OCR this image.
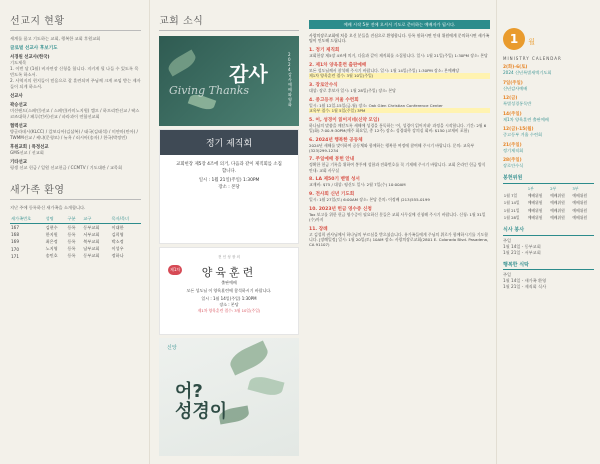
선교지 현황
세계를 품고 기도하는 교회, 행복한 교회 후원교회
글로벌 선교사 후보기도
서경원 선교사(한국)
기도제목
1. 이번 달 (1월) 비자연장 신청을 합니다. 지키게 될 나들 수 있도록 목 빈도록 하소서.
2. 사역지의 현지들이 믿음으로 잘 훈련되며 주님께 크게 쓰임 받는 제자들이 되게 하소서.
선교사
곽승선교
미션랜드(스페인)선교 / 스페인(카미노지원) 캠프 / 하프리칸선교 / 팍스코즈대학 / 페루(킨카)선교 / 파라과이 연합선교회
협력선교
방글라데시(KLCC) / 캄보디아(김삼복) / 태국(김태석) / 미얀마(민아) / TWMM선교 / 케냐(문형모) / 뉴욕 / 러시아(송자) / 한국(박정민)
후원교회 | 특정선교
GMS선교 / 선교회
기타선교
평생 선교 헌금 / 일원 선교헌금 / CCMTV / 기도대관 / 교목회
새가족 환영
지난 주에 등록하신 새가족을 소개합니다.
새가족번호	성명	구분	교구	목자/목녀
167	김현수	등록	동부교회	이대한
168	한지원	등록	서부교회	김희영
169	최은정	등록	북부교회	박소정
170	노지영	등록	남부교회	이성우
171	송민호	등록	동부교회	정하나
교회 소식
감사
Giving Thanks
2024 감사예배와 영화
정기 제직회
교회헌장 제5장 4조에 의거, 다음과 같이 제직회를 소집합니다.
일시 : 1월 21일(주일) 1:30PM
장소 : 본당
제1차
전 인 성 장 의
양육훈련
출판예배
모든 성도님 이 양육훈련에 참석하시기 바랍니다.
일시 : 1월 14일(주일) 1:30PM
장소 : 본당
제1차 양육훈련 접수: 3월 10일(주일)
신앙
어?
성경이
예배 시작 5분 전에 오셔서 기도로 준비하는 예배자가 됩시다.
사랑의장로교회에 처음 오신 분들을 진심으로 환영합니다. 등록 원하시면 안내 위원에게 문의하시면 새가족 팀이 인도해 드립니다.
1. 정기 제직회
교회헌장 제5장 4조에 의거, 다음과 같이 제직회를 소집합니다. 일시: 1월 21일(주일) 1:30PM 장소: 본당
2. 제1차 양육훈련 출판예배
모든 성도님께서 참석해 주시기 바랍니다. 일시: 1월 14일(주일) 1:30PM 장소: 본예배당
제1차 양육훈련 접수: 3월 10일(주일)
3. 장로안수식
대상: 장로 후보자 일시: 1월 28일(주일) 장소: 본당
4. 중고등부 겨울 수련회
일시: 1월 12일-15일(금-월) 장소: Oak Glen Christian Conference Center
교육부 접수: 1월 5일(주일) 3PM
5. 어, 성경이 읽어지네(신약 모임)
하나님의 말씀을 깨닫도록 새해에 성경을 통독하는 '어, 성경이 읽어지네' 과정을 시작합니다. 기간: 2월 6일(화) 7:00-9:30PM(매주 화요일, 총 12주) 장소: 성경대학 강의실 회비: $150 (교재비 포함)
6. 2024년 행복한 공동체
2024년 새해를 맞이하여 공동체와 함께하는 행복한 여정에 참여해 주시기 바랍니다. 문의: 교육부 (323)299-1234
7. 주일예배 봉헌 안내
정확한 헌금 기록을 위하여 봉투에 성함과 전화번호를 꼭 기재해 주시기 바랍니다. 교회 온라인 헌금 방식 안내: 교회 사무실
8. LA 제50기 벧엘 성서
교재비: $75 / 대상: 평신도 일시: 2월 7일(수) 10:00AM
9. 전사회 신년 기도회
일시: 1월 27일(토) 6:00AM 장소: 본당 문의: 이정배 (213)555-0199
10. 2023년 헌금 영수증 신청
Tax 보고를 위한 헌금 영수증이 필요하신 분들은 교회 사무실에 신청해 주시기 바랍니다. 신청: 1월 31일(수)까지
11. 장례
고 김성희 권사님께서 하나님의 부르심을 받으셨습니다. 유가족들에게 주님의 위로가 함께하시기를 기도합니다. [장례일정] 일시: 1월 20일(토) 10AM 장소: 사랑의장로교회(2801 E. Colorado Blvd. Pasadena, CA 91107)
1 월
MINISTRY CALENDAR
2(화)-6(토)
2024 신년특별새벽기도회
7일(주일)
신년감사예배
12(금)
특별성경통독반
14(주일)
제1차 양육훈련 출판예배
12(금)-15(월)
중고등부 겨울 수련회
21(주일)
정기제직회
28(주일)
장로안수식
봉헌위원
	1부	2부	3부
1월 7일	예배위원	예배위원	예배위원
1월 14일	예배위원	예배위원	예배위원
1월 21일	예배위원	예배위원	예배위원
1월 28일	예배위원	예배위원	예배위원
식사 봉사
주일
1월 14일 - 동부교회
1월 21일 - 서부교회
행복한 식탁
주일
1월 14일 - 새가족 환영
1월 21일 - 제직회 식사
